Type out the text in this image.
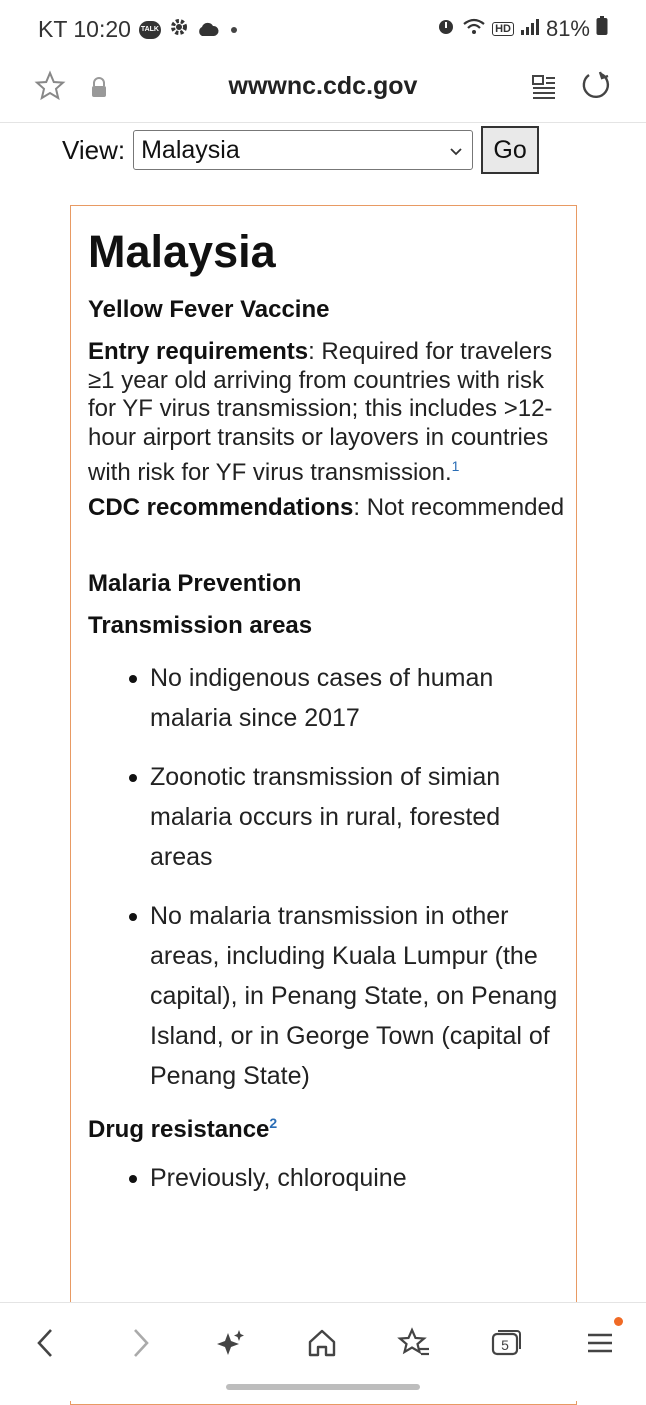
KT 10:20 TALK	HD 81%
wwwnc.cdc.gov
View: Malaysia	Go
Malaysia
Yellow Fever Vaccine
Entry requirements: Required for travelers ≥1 year old arriving from countries with risk for YF virus transmission; this includes >12-hour airport transits or layovers in countries with risk for YF virus transmission.$^1$
CDC recommendations: Not recommended
Malaria Prevention
Transmission areas
No indigenous cases of human malaria since 2017
Zoonotic transmission of simian malaria occurs in rural, forested areas
No malaria transmission in other areas, including Kuala Lumpur (the capital), in Penang State, on Penang Island, or in George Town (capital of Penang State)
Drug resistance$^2$
Previously, chloroquine
5
